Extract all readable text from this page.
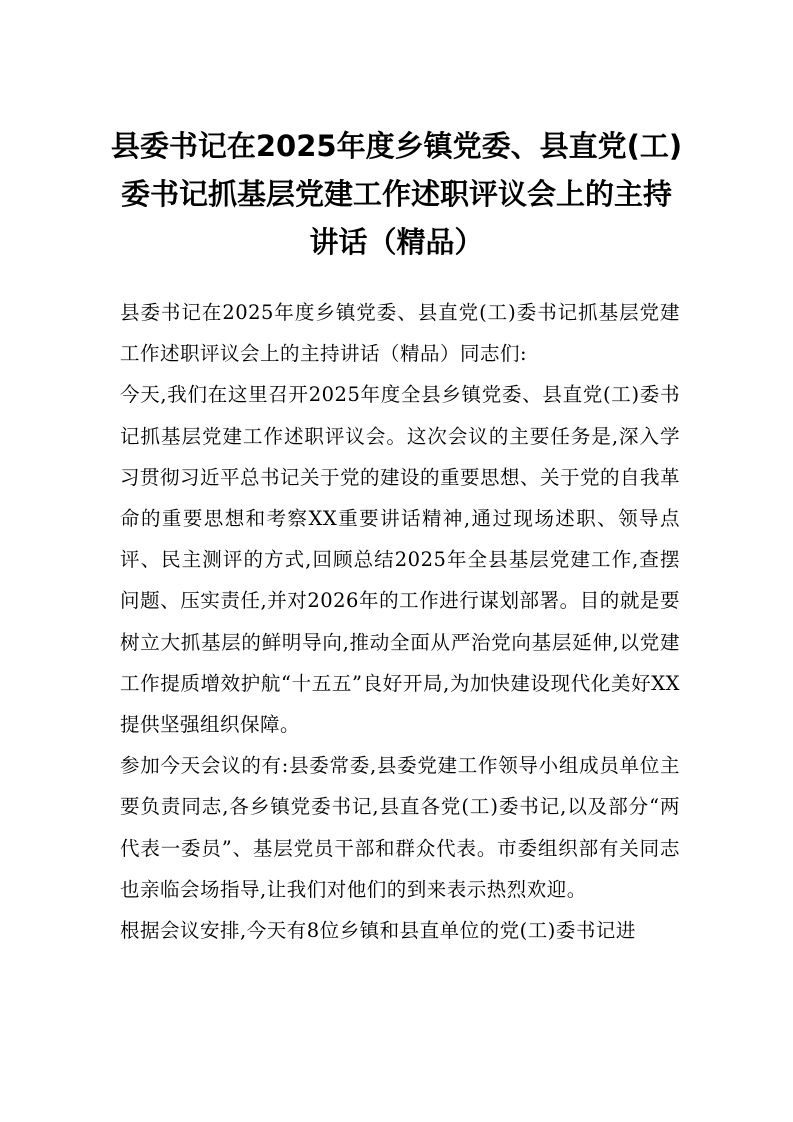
县委书记在2025年度乡镇党委、县直党(工)委书记抓基层党建工作述职评议会上的主持讲话（精品）

县委书记在2025年度乡镇党委、县直党(工)委书记抓基层党建工作述职评议会上的主持讲话（精品）同志们:

今天,我们在这里召开2025年度全县乡镇党委、县直党(工)委书记抓基层党建工作述职评议会。这次会议的主要任务是,深入学习贯彻习近平总书记关于党的建设的重要思想、关于党的自我革命的重要思想和考察XX重要讲话精神,通过现场述职、领导点评、民主测评的方式,回顾总结2025年全县基层党建工作,查摆问题、压实责任,并对2026年的工作进行谋划部署。目的就是要树立大抓基层的鲜明导向,推动全面从严治党向基层延伸,以党建工作提质增效护航“十五五”良好开局,为加快建设现代化美好XX提供坚强组织保障。

参加今天会议的有:县委常委,县委党建工作领导小组成员单位主要负责同志,各乡镇党委书记,县直各党(工)委书记,以及部分“两代表一委员”、基层党员干部和群众代表。市委组织部有关同志也亲临会场指导,让我们对他们的到来表示热烈欢迎。

根据会议安排,今天有8位乡镇和县直单位的党(工)委书记进
